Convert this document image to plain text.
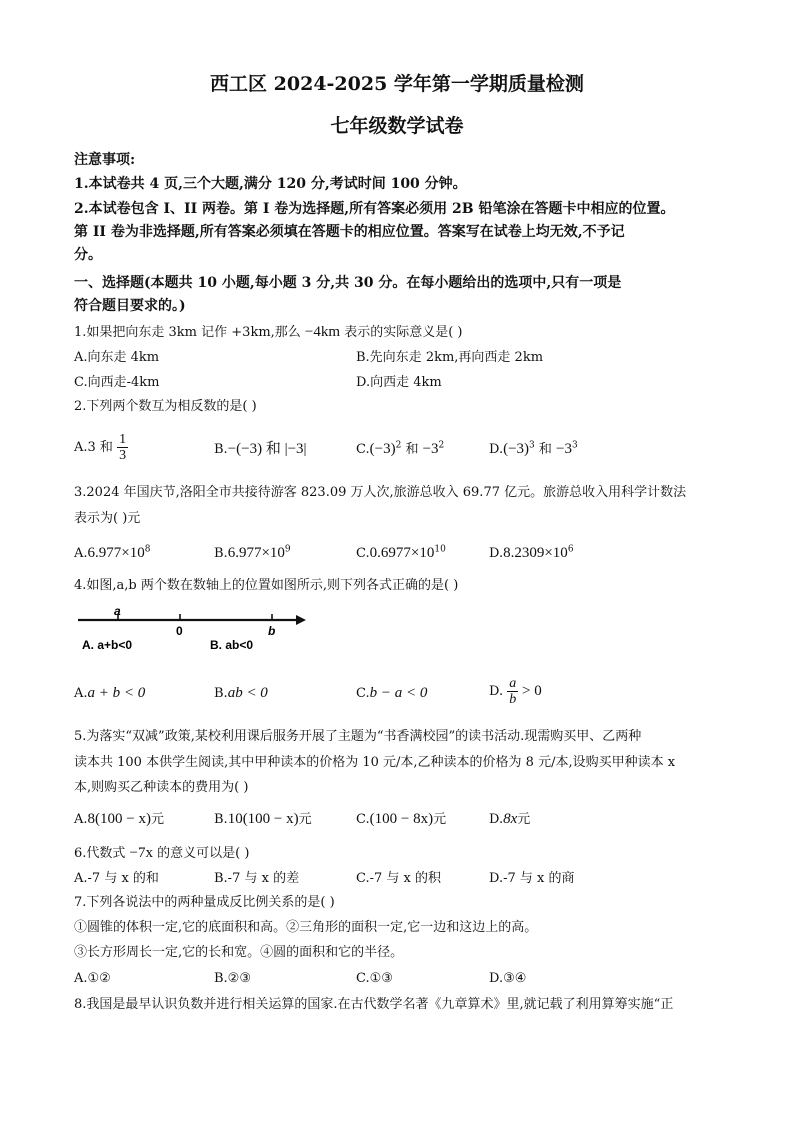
西工区 2024-2025 学年第一学期质量检测
七年级数学试卷
注意事项:
1.本试卷共 4 页,三个大题,满分 120 分,考试时间 100 分钟。
2.本试卷包含 I、II 两卷。第 I 卷为选择题,所有答案必须用 2B 铅笔涂在答题卡中相应的位置。
第 II 卷为非选择题,所有答案必须填在答题卡的相应位置。答案写在试卷上均无效,不予记
分。
一、选择题(本题共 10 小题,每小题 3 分,共 30 分。在每小题给出的选项中,只有一项是
符合题目要求的。)
1.如果把向东走 3km 记作 +3km,那么 −4km 表示的实际意义是( )
A.向东走 4km	B.先向东走 2km,再向西走 2km
C.向西走-4km	D.向西走 4km
2.下列两个数互为相反数的是( )
A.3 和 $\frac{1}{3}$	B.−(−3) 和 |−3|	$C.(-3)^2$ 和 $-3^2$	$D.(-3)^3$ 和 $-3^3$
3.2024 年国庆节,洛阳全市共接待游客 823.09 万人次,旅游总收入 69.77 亿元。旅游总收入用科学计数法
表示为( )元
$A.6.977\times 10^8$	$B.6.977\times 10^9$	$C.0.6977\times 10^{10}$	$D.8.2309\times 10^6$
4.如图,a,b 两个数在数轴上的位置如图所示,则下列各式正确的是( )
a
0	b
A. a+b<0	B. ab<0
A.a + b < 0	B.ab < 0	C.b − a < 0	D. $\frac{a}{b} > 0$
5.为落实“双减”政策,某校利用课后服务开展了主题为“书香满校园”的读书活动.现需购买甲、乙两种
读本共 100 本供学生阅读,其中甲种读本的价格为 10 元/本,乙种读本的价格为 8 元/本,设购买甲种读本 x
本,则购买乙种读本的费用为( )
A.8(100 − x)元	B.10(100 − x)元	C.(100 − 8x)元	D.8x元
6.代数式 −7x 的意义可以是( )
A.-7 与 x 的和	B.-7 与 x 的差	C.-7 与 x 的积	D.-7 与 x 的商
7.下列各说法中的两种量成反比例关系的是( )
①圆锥的体积一定,它的底面积和高。②三角形的面积一定,它一边和这边上的高。
③长方形周长一定,它的长和宽。④圆的面积和它的半径。
A.①②	B.②③	C.①③	D.③④
8.我国是最早认识负数并进行相关运算的国家.在古代数学名著《九章算术》里,就记载了利用算筹实施“正
